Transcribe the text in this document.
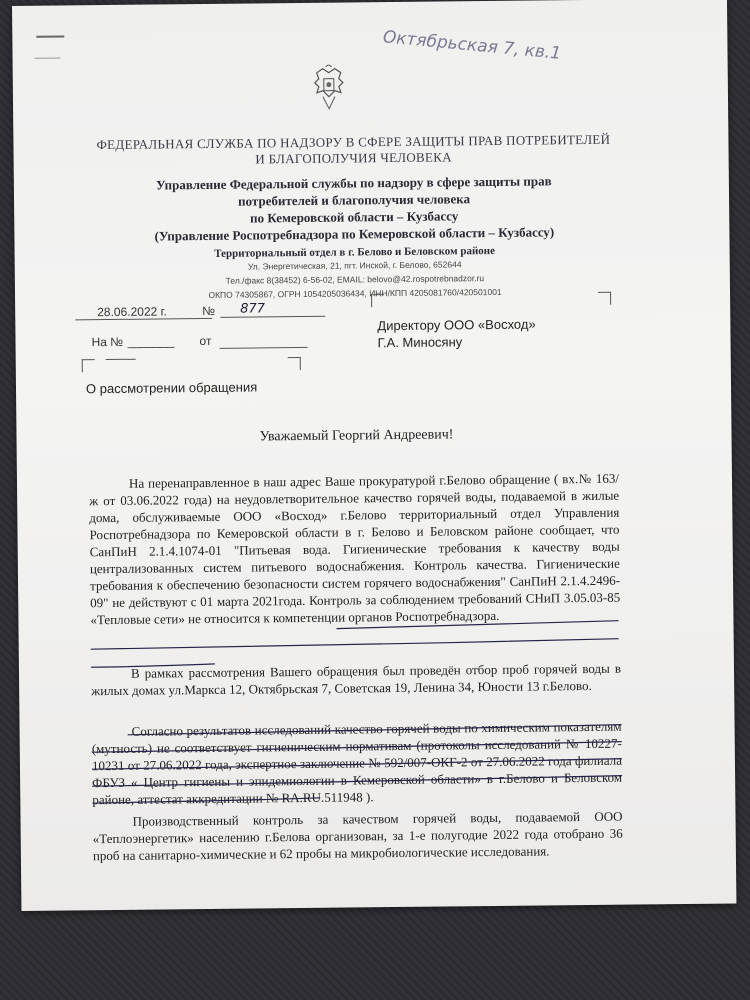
Октябрьская 7, кв.1
ФЕДЕРАЛЬНАЯ СЛУЖБА ПО НАДЗОРУ В СФЕРЕ ЗАЩИТЫ ПРАВ ПОТРЕБИТЕЛЕЙ
И БЛАГОПОЛУЧИЯ ЧЕЛОВЕКА
Управление Федеральной службы по надзору в сфере защиты прав
потребителей и благополучия человека
по Кемеровской области – Кузбассу
(Управление Роспотребнадзора по Кемеровской области – Кузбассу)
Территориальный отдел в г. Белово и Беловском районе
Ул. Энергетическая, 21, пгт. Инской, г. Белово, 652644
Тел./факс 8(38452) 6-56-02, EMAIL: belovo@42.rospotrebnadzor.ru
ОКПО 74305867, ОГРН 1054205036434, ИНН/КПП 4205081760/420501001
28.06.2022 г.	№	877
Директору ООО «Восход»
Г.А. Миносяну
На № _______ от
О рассмотрении обращения
Уважаемый Георгий Андреевич!
На перенаправленное в наш адрес Ваше прокуратурой г.Белово обращение ( вх.№ 163/ж от 03.06.2022 года) на неудовлетворительное качество горячей воды, подаваемой в жилые дома, обслуживаемые ООО «Восход» г.Белово территориальный отдел Управления Роспотребнадзора по Кемеровской области в г. Белово и Беловском районе сообщает, что СанПиН 2.1.4.1074-01 "Питьевая вода. Гигиенические требования к качеству воды централизованных систем питьевого водоснабжения. Контроль качества. Гигиенические требования к обеспечению безопасности систем горячего водоснабжения" СанПиН 2.1.4.2496-09" не действуют с 01 марта 2021года. Контроль за соблюдением требований СНиП 3.05.03-85 «Тепловые сети» не относится к компетенции органов Роспотребнадзора.
В рамках рассмотрения Вашего обращения был проведён отбор проб горячей воды в жилых домах ул.Маркса 12, Октябрьская 7, Советская 19, Ленина 34, Юности 13 г.Белово.
Согласно результатов исследований качество горячей воды по химическим показателям (мутность) не соответствует гигиеническим нормативам (протоколы исследований № 10227- 10231 от 27.06.2022 года, экспертное заключение № 592/007-ОКГ-2 от 27.06.2022 года филиала ФБУЗ « Центр гигиены и эпидемиологии в Кемеровской области» в г.Белово и Беловском районе, аттестат аккредитации № RA.RU.511948 ).
Производственный контроль за качеством горячей воды, подаваемой ООО «Теплоэнергетик» населению г.Белова организован, за 1-е полугодие 2022 года отобрано 36 проб на санитарно-химические и 62 пробы на микробиологические исследования.
